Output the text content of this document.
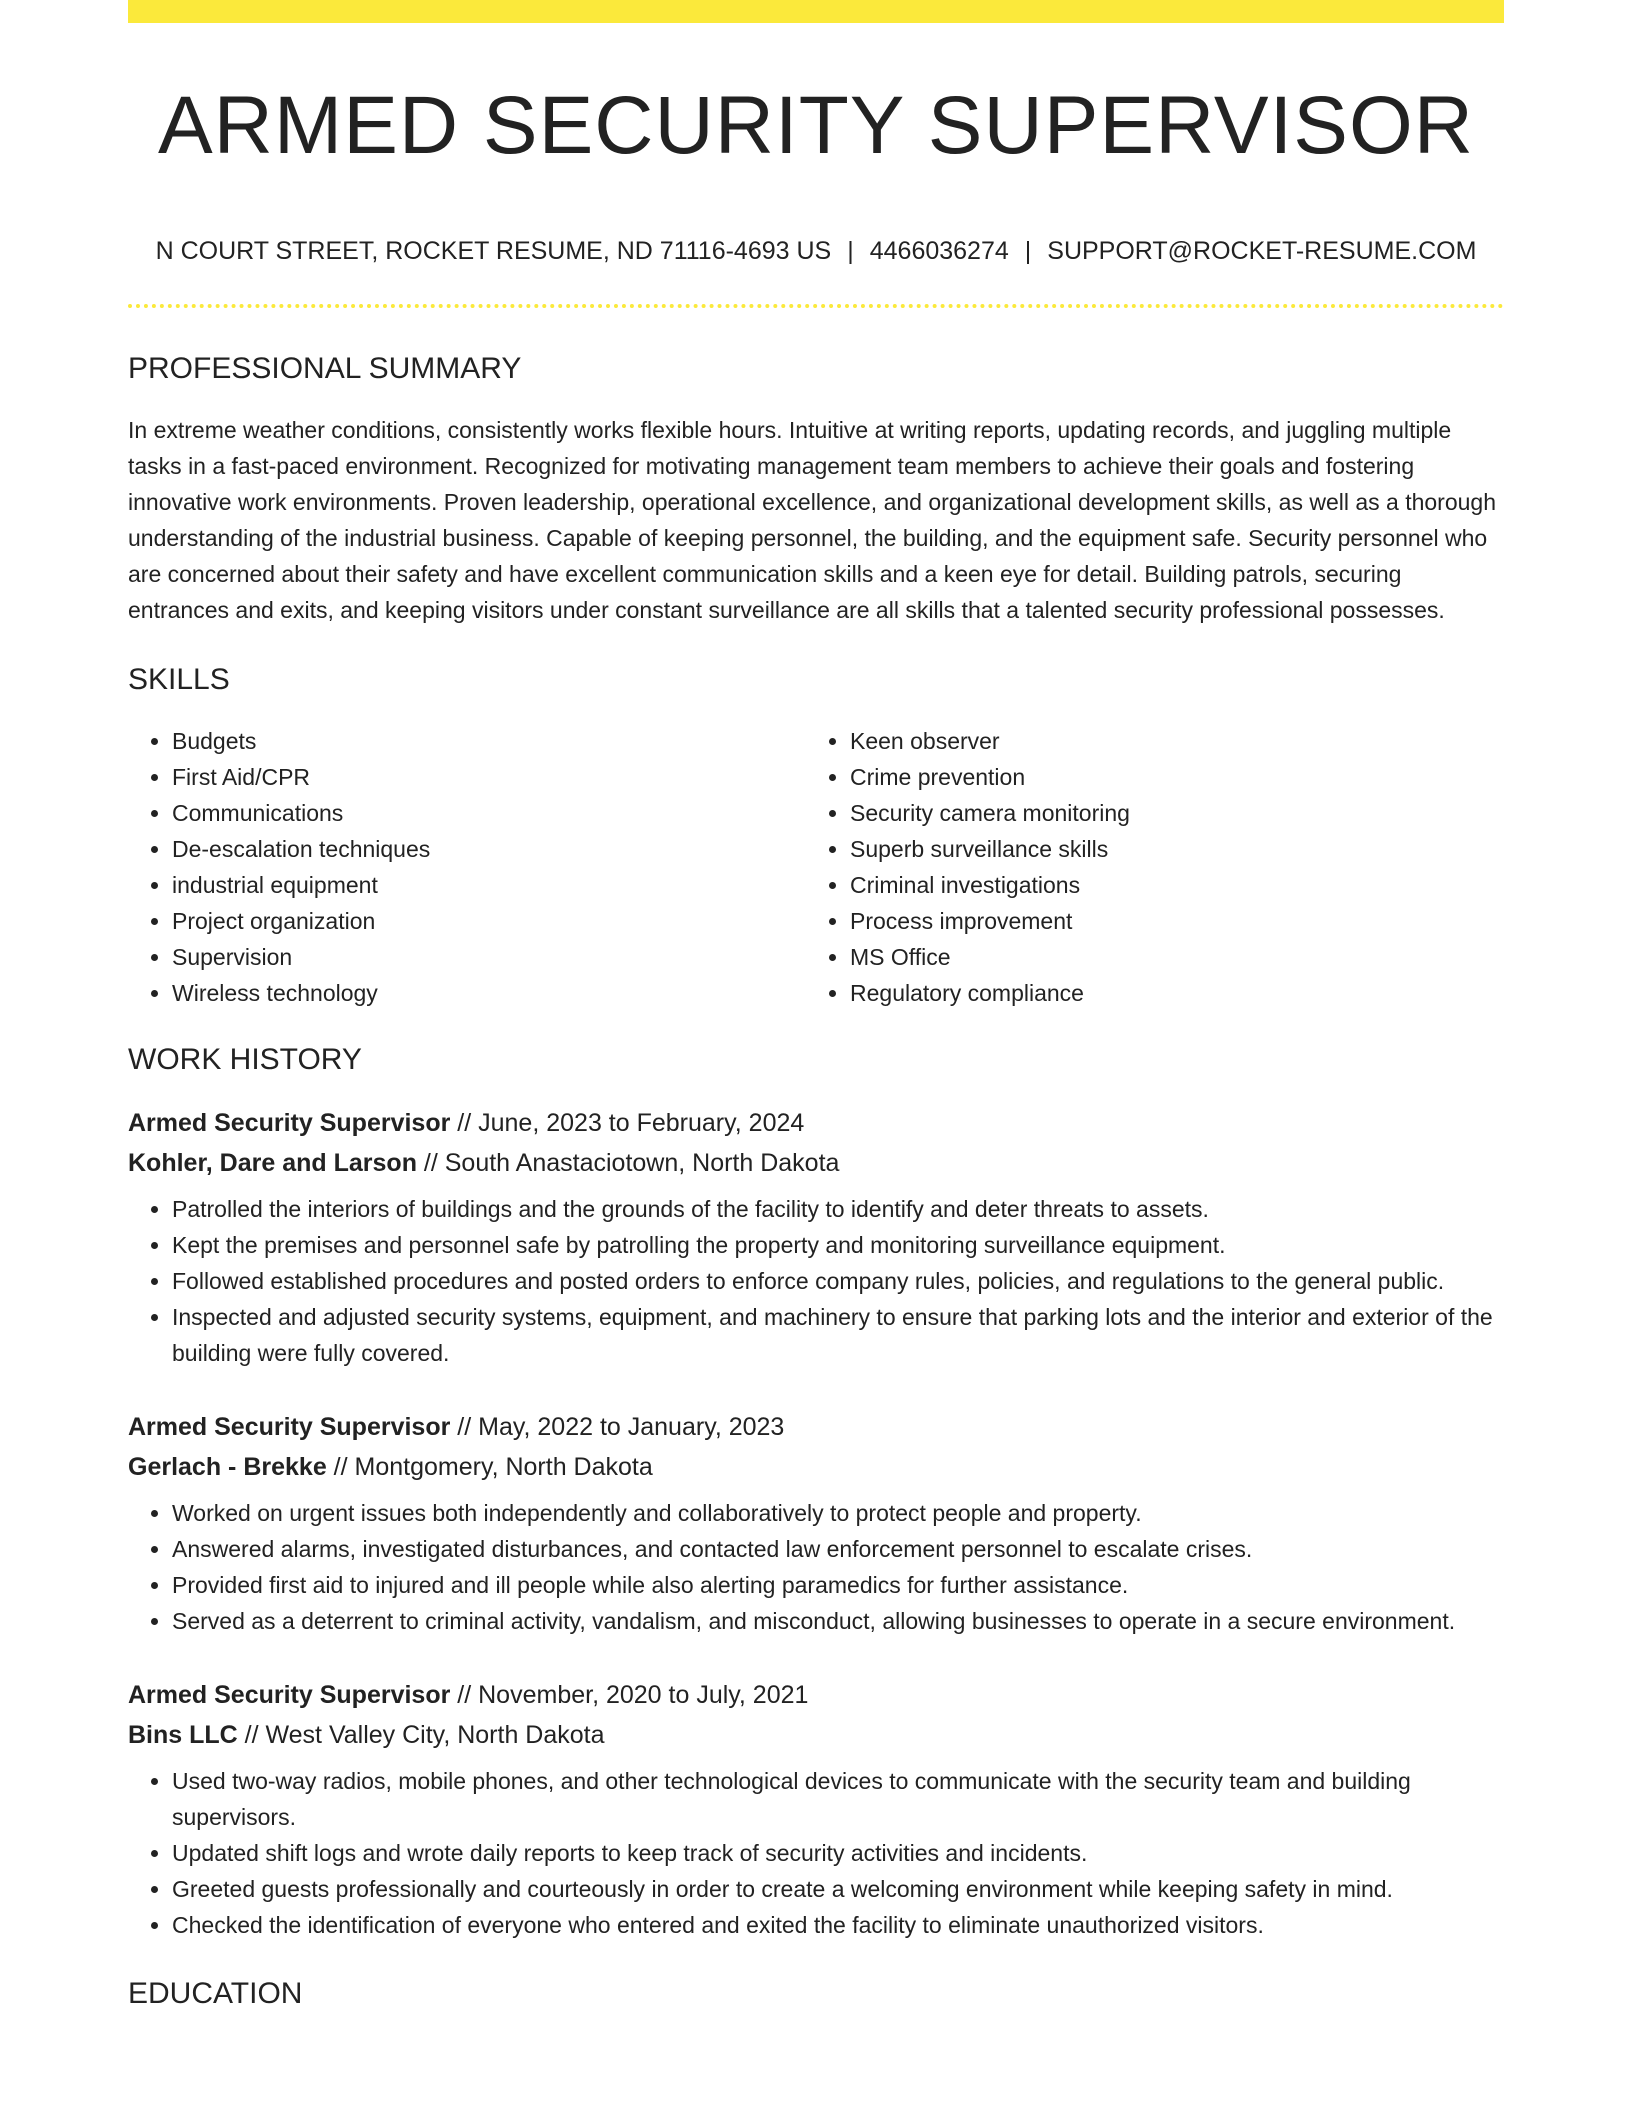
ARMED SECURITY SUPERVISOR
N COURT STREET, ROCKET RESUME, ND 71116-4693 US | 4466036274 | SUPPORT@ROCKET-RESUME.COM
PROFESSIONAL SUMMARY
In extreme weather conditions, consistently works flexible hours. Intuitive at writing reports, updating records, and juggling multiple tasks in a fast-paced environment. Recognized for motivating management team members to achieve their goals and fostering innovative work environments. Proven leadership, operational excellence, and organizational development skills, as well as a thorough understanding of the industrial business. Capable of keeping personnel, the building, and the equipment safe. Security personnel who are concerned about their safety and have excellent communication skills and a keen eye for detail. Building patrols, securing entrances and exits, and keeping visitors under constant surveillance are all skills that a talented security professional possesses.
SKILLS
• Budgets
• First Aid/CPR
• Communications
• De-escalation techniques
• industrial equipment
• Project organization
• Supervision
• Wireless technology
• Keen observer
• Crime prevention
• Security camera monitoring
• Superb surveillance skills
• Criminal investigations
• Process improvement
• MS Office
• Regulatory compliance
WORK HISTORY
Armed Security Supervisor // June, 2023 to February, 2024
Kohler, Dare and Larson // South Anastaciotown, North Dakota
• Patrolled the interiors of buildings and the grounds of the facility to identify and deter threats to assets.
• Kept the premises and personnel safe by patrolling the property and monitoring surveillance equipment.
• Followed established procedures and posted orders to enforce company rules, policies, and regulations to the general public.
• Inspected and adjusted security systems, equipment, and machinery to ensure that parking lots and the interior and exterior of the building were fully covered.
Armed Security Supervisor // May, 2022 to January, 2023
Gerlach - Brekke // Montgomery, North Dakota
• Worked on urgent issues both independently and collaboratively to protect people and property.
• Answered alarms, investigated disturbances, and contacted law enforcement personnel to escalate crises.
• Provided first aid to injured and ill people while also alerting paramedics for further assistance.
• Served as a deterrent to criminal activity, vandalism, and misconduct, allowing businesses to operate in a secure environment.
Armed Security Supervisor // November, 2020 to July, 2021
Bins LLC // West Valley City, North Dakota
• Used two-way radios, mobile phones, and other technological devices to communicate with the security team and building supervisors.
• Updated shift logs and wrote daily reports to keep track of security activities and incidents.
• Greeted guests professionally and courteously in order to create a welcoming environment while keeping safety in mind.
• Checked the identification of everyone who entered and exited the facility to eliminate unauthorized visitors.
EDUCATION
